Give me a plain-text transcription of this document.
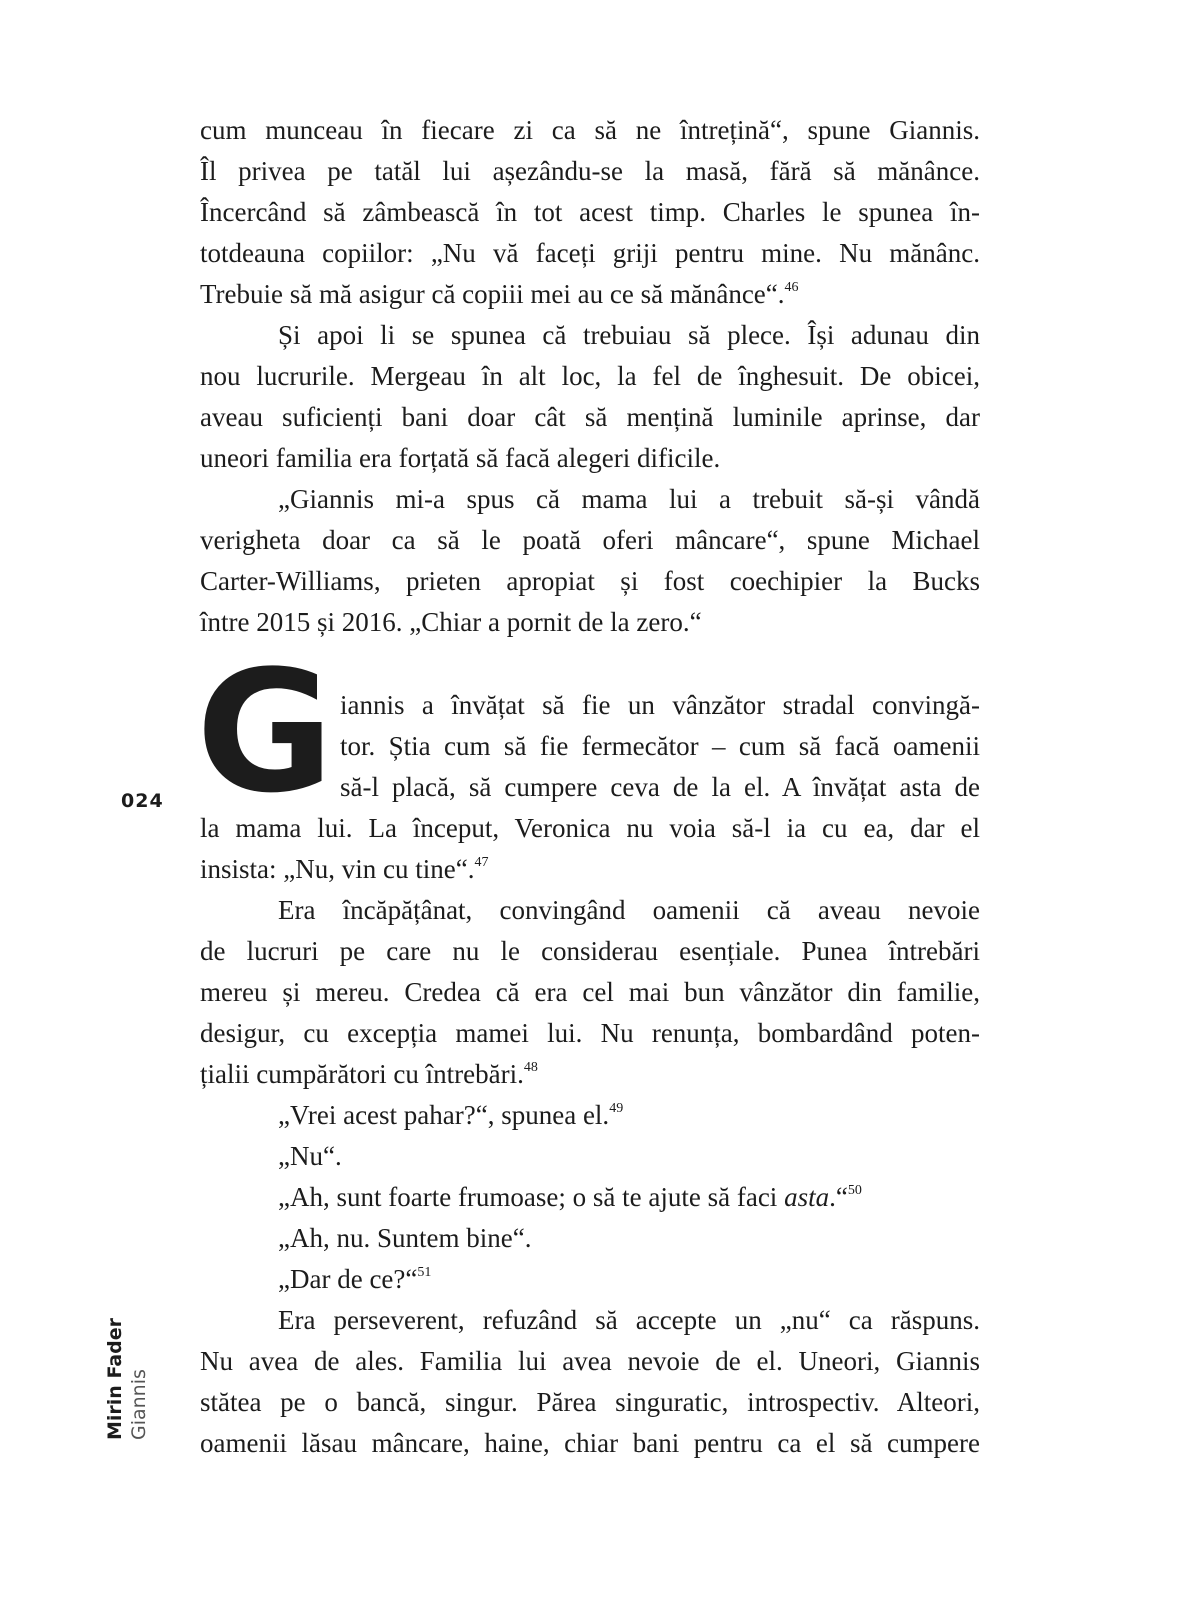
024
Mirin Fader Giannis
G
cum munceau în fiecare zi ca să ne întrețină“, spune Giannis.
Îl privea pe tatăl lui așezându-se la masă, fără să mănânce.
Încercând să zâmbească în tot acest timp. Charles le spunea în-
totdeauna copiilor: „Nu vă faceți griji pentru mine. Nu mănânc.
Trebuie să mă asigur că copiii mei au ce să mănânce“.$^{46}$
Și apoi li se spunea că trebuiau să plece. Își adunau din
nou lucrurile. Mergeau în alt loc, la fel de înghesuit. De obicei,
aveau suficienți bani doar cât să mențină luminile aprinse, dar
uneori familia era forțată să facă alegeri dificile.
„Giannis mi-a spus că mama lui a trebuit să-și vândă
verigheta doar ca să le poată oferi mâncare“, spune Michael
Carter-Williams, prieten apropiat și fost coechipier la Bucks
între 2015 și 2016. „Chiar a pornit de la zero.“
iannis a învățat să fie un vânzător stradal convingă-
tor. Știa cum să fie fermecător – cum să facă oamenii
să-l placă, să cumpere ceva de la el. A învățat asta de
la mama lui. La început, Veronica nu voia să-l ia cu ea, dar el
insista: „Nu, vin cu tine“.$^{47}$
Era încăpățânat, convingând oamenii că aveau nevoie
de lucruri pe care nu le considerau esențiale. Punea întrebări
mereu și mereu. Credea că era cel mai bun vânzător din familie,
desigur, cu excepția mamei lui. Nu renunța, bombardând poten-
țialii cumpărători cu întrebări.$^{48}$
„Vrei acest pahar?“, spunea el.$^{49}$
„Nu“.
„Ah, sunt foarte frumoase; o să te ajute să faci asta.“$^{50}$
„Ah, nu. Suntem bine“.
„Dar de ce?“$^{51}$
Era perseverent, refuzând să accepte un „nu“ ca răspuns.
Nu avea de ales. Familia lui avea nevoie de el. Uneori, Giannis
stătea pe o bancă, singur. Părea singuratic, introspectiv. Alteori,
oamenii lăsau mâncare, haine, chiar bani pentru ca el să cumpere
